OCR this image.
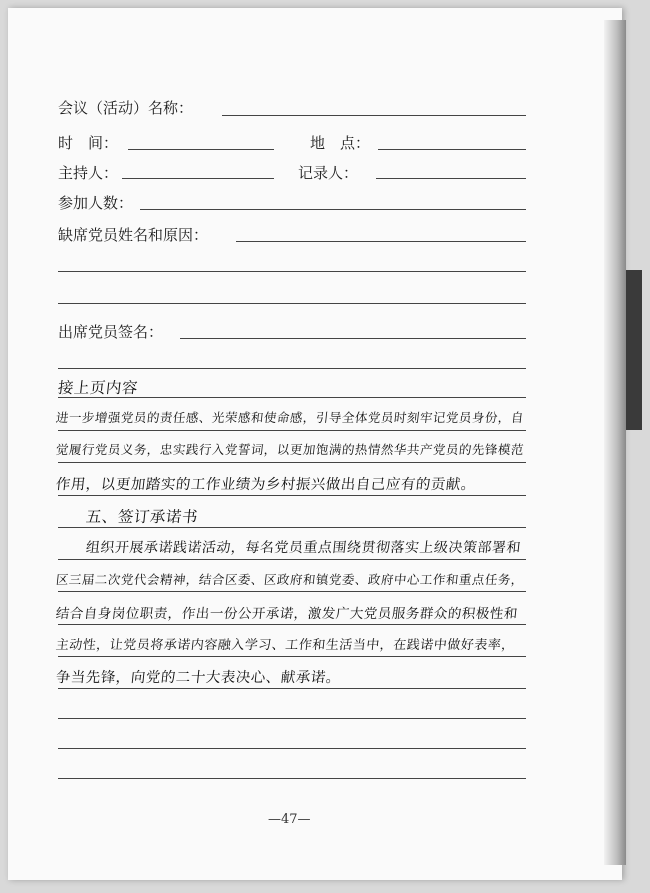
会议（活动）名称：
时　间：	地　点：
主持人：	记录人：
参加人数：
缺席党员姓名和原因：
出席党员签名：
接上页内容
进一步增强党员的责任感、光荣感和使命感，引导全体党员时刻牢记党员身份，自
觉履行党员义务，忠实践行入党誓词，以更加饱满的热情然华共产党员的先锋模范
作用，以更加踏实的工作业绩为乡村振兴做出自己应有的贡献。
五、签订承诺书
组织开展承诺践诺活动，每名党员重点围绕贯彻落实上级决策部署和
区三届二次党代会精神，结合区委、区政府和镇党委、政府中心工作和重点任务，
结合自身岗位职责，作出一份公开承诺，激发广大党员服务群众的积极性和
主动性，让党员将承诺内容融入学习、工作和生活当中，在践诺中做好表率，
争当先锋，向党的二十大表决心、献承诺。
—47—
